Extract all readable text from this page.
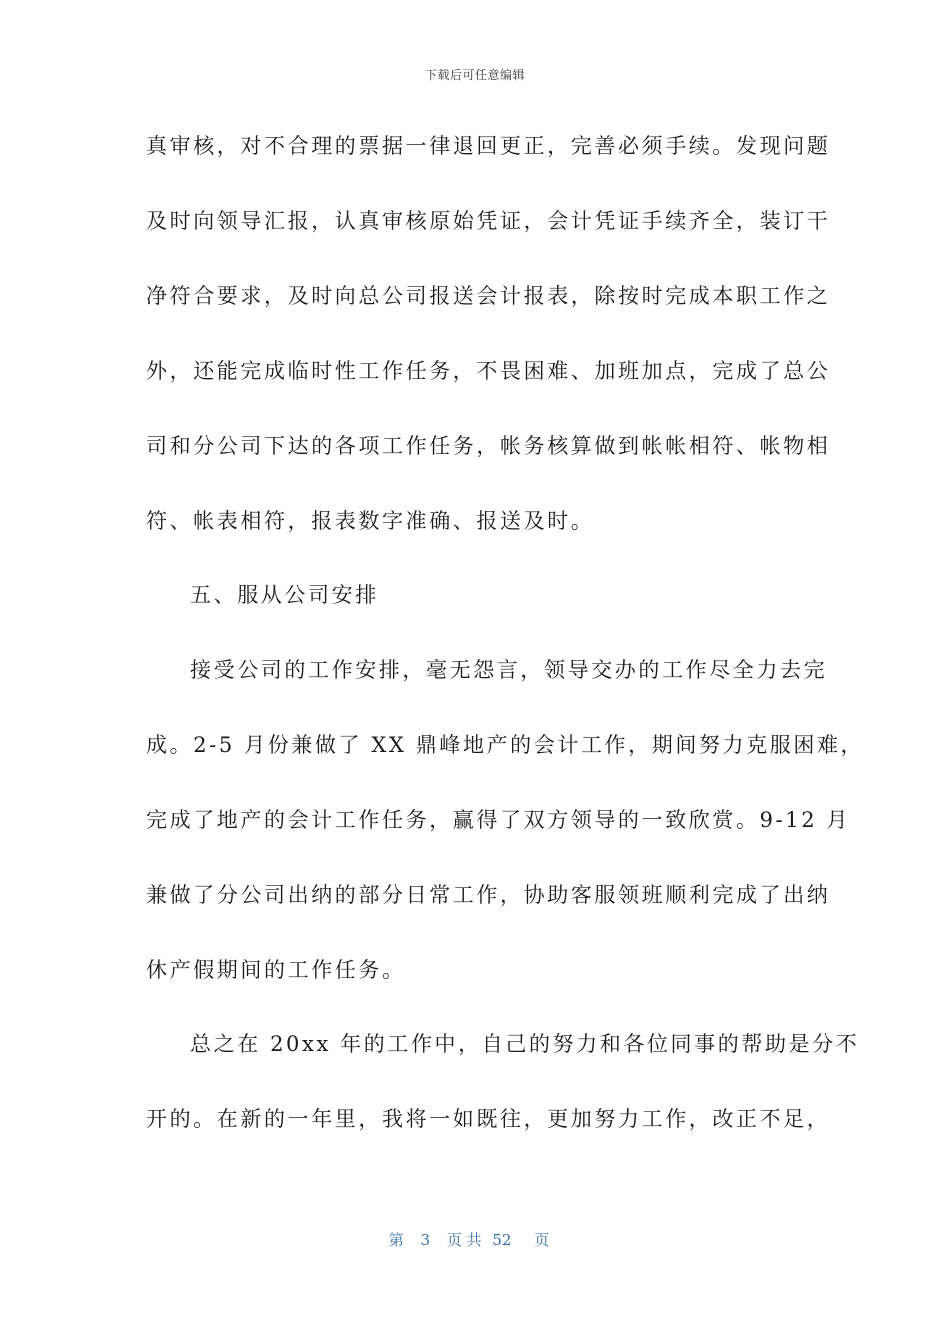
下载后可任意编辑
真审核，对不合理的票据一律退回更正，完善必须手续。发现问题
及时向领导汇报，认真审核原始凭证，会计凭证手续齐全，装订干
净符合要求，及时向总公司报送会计报表，除按时完成本职工作之
外，还能完成临时性工作任务，不畏困难、加班加点，完成了总公
司和分公司下达的各项工作任务，帐务核算做到帐帐相符、帐物相
符、帐表相符，报表数字准确、报送及时。
五、服从公司安排
接受公司的工作安排，毫无怨言，领导交办的工作尽全力去完
成。2-5 月份兼做了 XX 鼎峰地产的会计工作，期间努力克服困难，
完成了地产的会计工作任务，赢得了双方领导的一致欣赏。9-12 月
兼做了分公司出纳的部分日常工作，协助客服领班顺利完成了出纳
休产假期间的工作任务。
总之在 20xx 年的工作中，自己的努力和各位同事的帮助是分不
开的。在新的一年里，我将一如既往，更加努力工作，改正不足，
第 3 页 共 52 页
